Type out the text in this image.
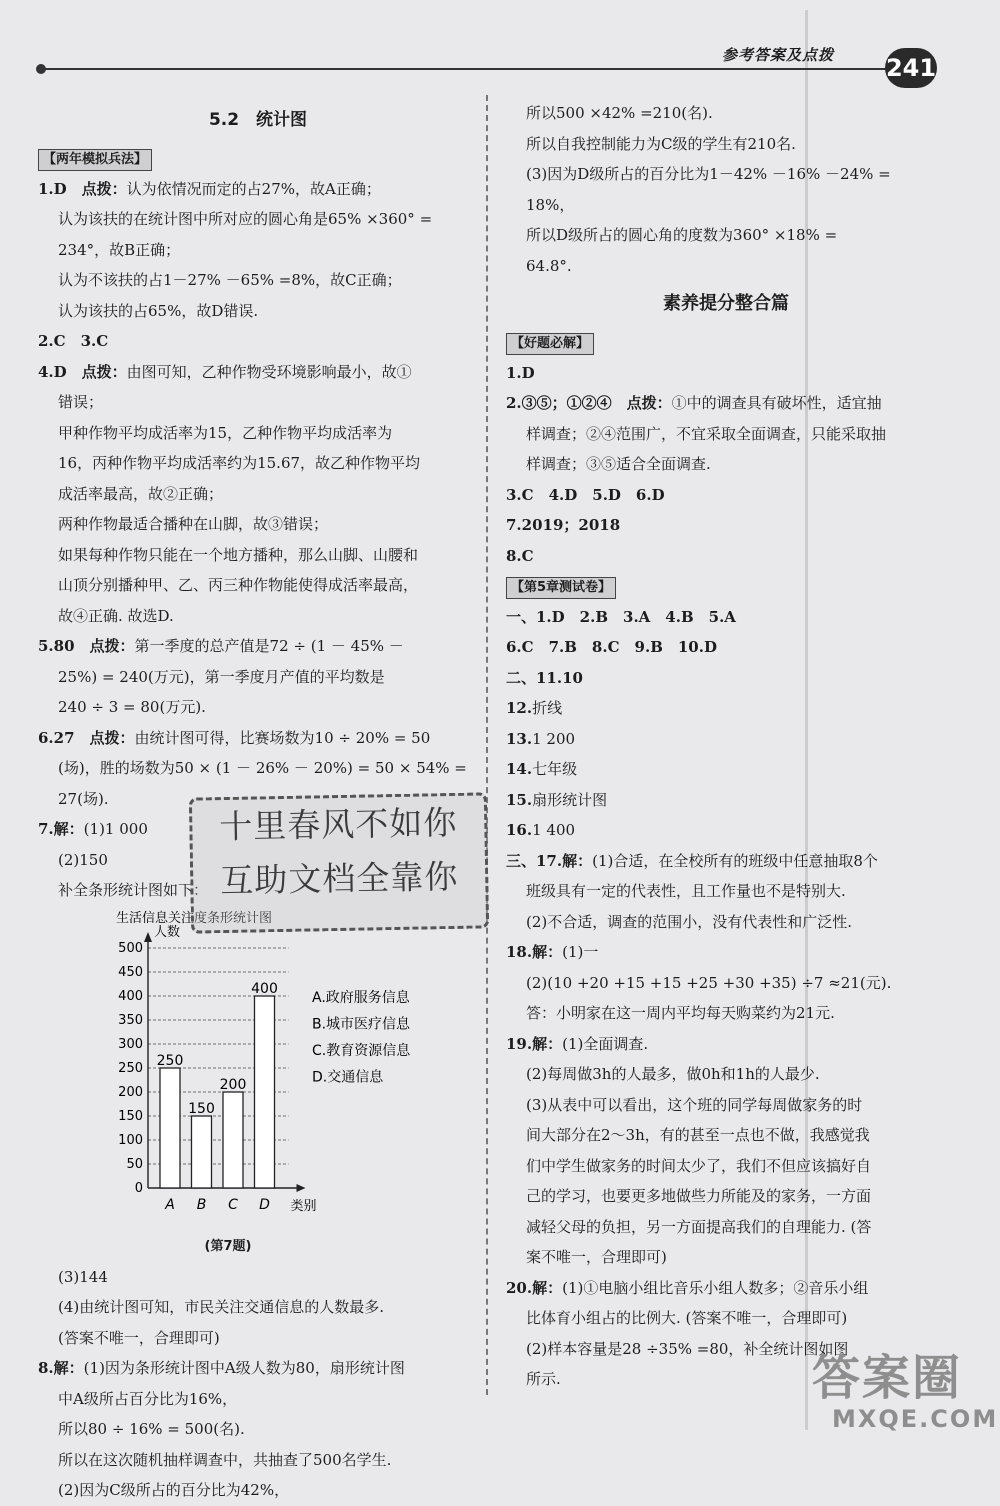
参考答案及点拨 241
5.2　统计图
【两年模拟兵法】
1.D　点拨：认为依情况而定的占27%，故A正确；
认为该扶的在统计图中所对应的圆心角是65% ×360° =
234°，故B正确；
认为不该扶的占1－27% －65% =8%，故C正确；
认为该扶的占65%，故D错误.
2.C　3.C
4.D　点拨：由图可知，乙种作物受环境影响最小，故①
错误；
甲种作物平均成活率为15，乙种作物平均成活率为
16，丙种作物平均成活率约为15.67，故乙种作物平均
成活率最高，故②正确；
两种作物最适合播种在山脚，故③错误；
如果每种作物只能在一个地方播种，那么山脚、山腰和
山顶分别播种甲、乙、丙三种作物能使得成活率最高，
故④正确. 故选D.
5.80　点拨：第一季度的总产值是72 ÷ (1 － 45% －
25%) = 240(万元)，第一季度月产值的平均数是
240 ÷ 3 = 80(万元).
6.27　点拨：由统计图可得，比赛场数为10 ÷ 20% = 50
(场)，胜的场数为50 × (1 － 26% － 20%) = 50 × 54% =
27(场).
7.解：(1)1 000
(2)150
补全条形统计图如下：
生活信息关注度条形统计图
人数
0
50
100
150
200
250
300
350
400
450
500
250
A
150
B
200
C
400
D 类别
A.政府服务信息
B.城市医疗信息
C.教育资源信息
D.交通信息
(第7题)
(3)144
(4)由统计图可知，市民关注交通信息的人数最多.
(答案不唯一，合理即可)
8.解：(1)因为条形统计图中A级人数为80，扇形统计图
中A级所占百分比为16%，
所以80 ÷ 16% = 500(名).
所以在这次随机抽样调查中，共抽查了500名学生.
(2)因为C级所占的百分比为42%，
十里春风不如你
互助文档全靠你
所以500 ×42% =210(名).
所以自我控制能力为C级的学生有210名.
(3)因为D级所占的百分比为1－42% －16% －24% =
18%，
所以D级所占的圆心角的度数为360° ×18% =
64.8°.
素养提分整合篇
【好题必解】
1.D
2.③⑤；①②④　点拨：①中的调查具有破坏性，适宜抽
样调查；②④范围广，不宜采取全面调查，只能采取抽
样调查；③⑤适合全面调查.
3.C　4.D　5.D　6.D
7.2019；2018
8.C
【第5章测试卷】
一、1.D　2.B　3.A　4.B　5.A
6.C　7.B　8.C　9.B　10.D
二、11.10
12.折线
13.1 200
14.七年级
15.扇形统计图
16.1 400
三、17.解：(1)合适，在全校所有的班级中任意抽取8个
班级具有一定的代表性，且工作量也不是特别大.
(2)不合适，调查的范围小，没有代表性和广泛性.
18.解：(1)一
(2)(10 +20 +15 +15 +25 +30 +35) ÷7 ≈21(元).
答：小明家在这一周内平均每天购菜约为21元.
19.解：(1)全面调查.
(2)每周做3h的人最多，做0h和1h的人最少.
(3)从表中可以看出，这个班的同学每周做家务的时
间大部分在2～3h，有的甚至一点也不做，我感觉我
们中学生做家务的时间太少了，我们不但应该搞好自
己的学习，也要更多地做些力所能及的家务，一方面
减轻父母的负担，另一方面提高我们的自理能力. (答
案不唯一，合理即可)
20.解：(1)①电脑小组比音乐小组人数多；②音乐小组
比体育小组占的比例大. (答案不唯一，合理即可)
(2)样本容量是28 ÷35% =80，补全统计图如图
所示.	答案圈
MXQE.COM
